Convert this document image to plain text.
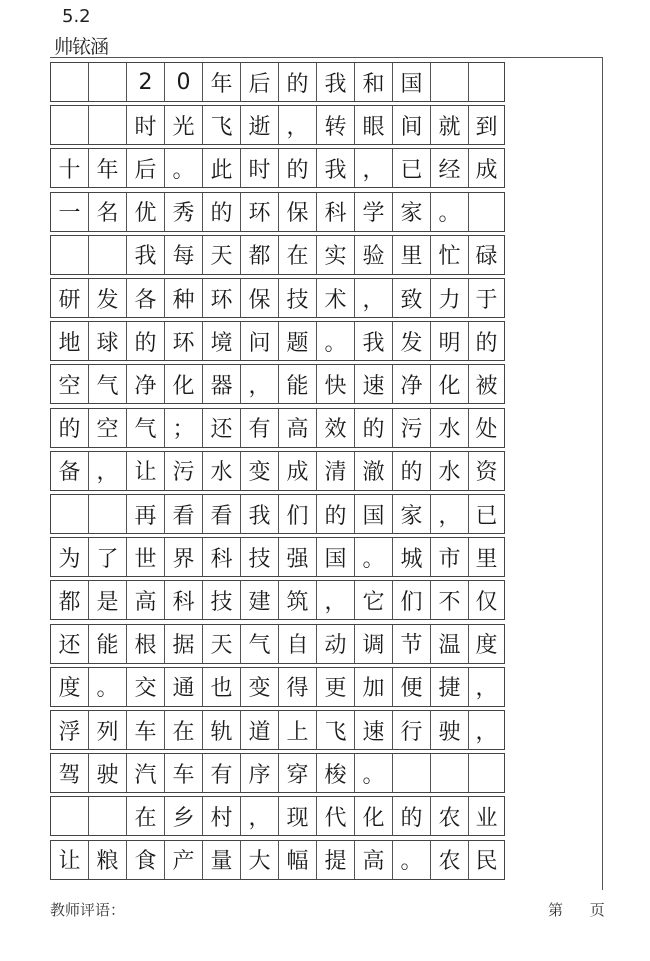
5.2
帅铱涵
2	0 年 后 的 我 和 国
时 光 飞 逝 ， 转 眼 间 就 到
十 年 后 。 此 时 的 我 ， 已 经 成
一 名 优 秀 的 环 保 科 学 家 。
我 每 天 都 在 实 验 里 忙 碌
研 发 各 种 环 保 技 术 ， 致 力 于
地 球 的 环 境 问 题 。 我 发 明 的
空 气 净 化 器 ， 能 快 速 净 化 被
的 空 气 ； 还 有 高 效 的 污 水 处
备 ， 让 污 水 变 成 清 澈 的 水 资
再 看 看 我 们 的 国 家 ， 已
为 了 世 界 科 技 强 国 。 城 市 里
都 是 高 科 技 建 筑 ， 它 们 不 仅
还 能 根 据 天 气 自 动 调 节 温 度
度 。 交 通 也 变 得 更 加 便 捷 ，
浮 列 车 在 轨 道 上 飞 速 行 驶 ，
驾 驶 汽 车 有 序 穿 梭 。
在 乡 村 ， 现 代 化 的 农 业
让 粮 食 产 量 大 幅 提 高 。 农 民
教师评语：	第 页
